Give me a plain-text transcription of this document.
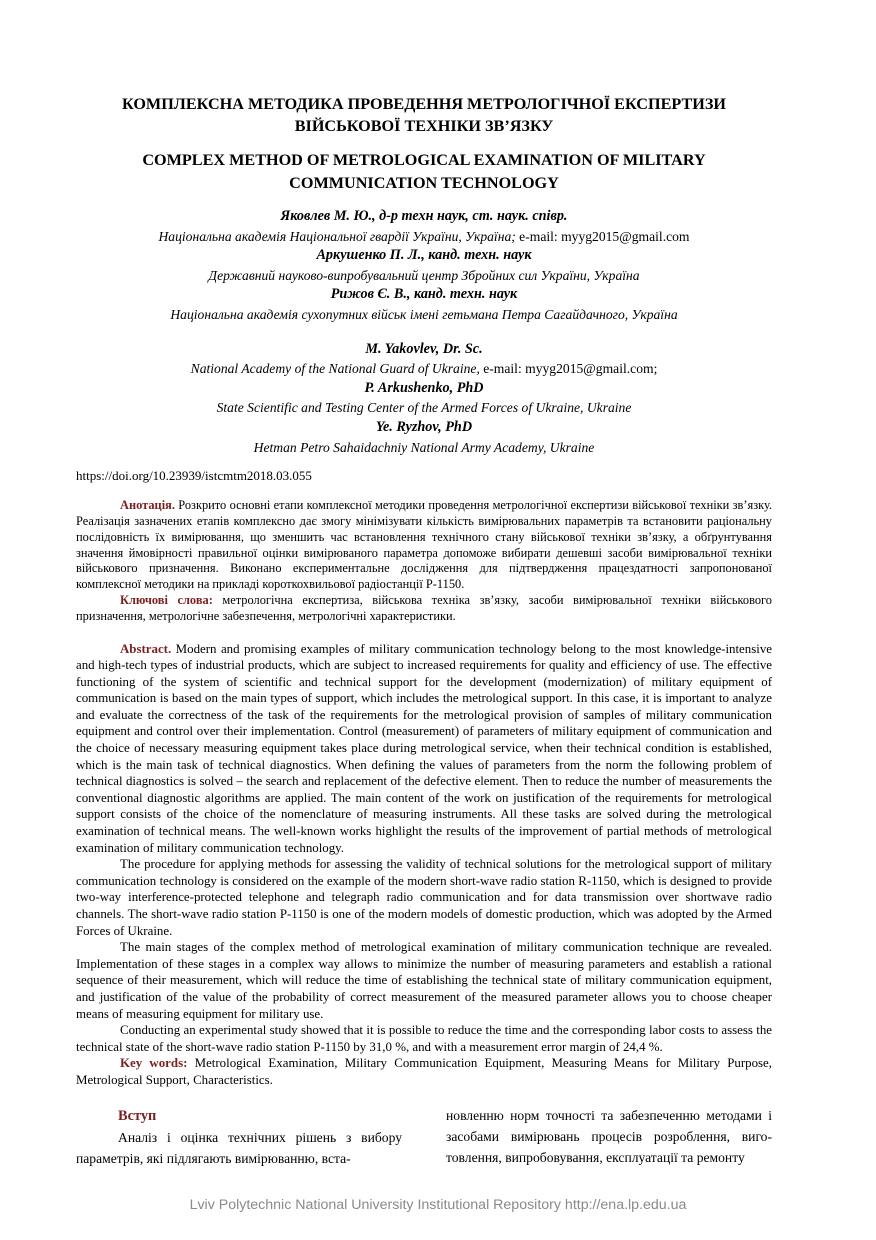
КОМПЛЕКСНА МЕТОДИКА ПРОВЕДЕННЯ МЕТРОЛОГІЧНОЇ ЕКСПЕРТИЗИ ВІЙСЬКОВОЇ ТЕХНІКИ ЗВ’ЯЗКУ
COMPLEX METHOD OF METROLOGICAL EXAMINATION OF MILITARY COMMUNICATION TECHNOLOGY
Яковлев М. Ю., д-р техн наук, ст. наук. співр.
Національна академія Національної гвардії України, Україна; e-mail: myyg2015@gmail.com
Аркушенко П. Л., канд. техн. наук
Державний науково-випробувальний центр Збройних сил України, Україна
Рижов Є. В., канд. техн. наук
Національна академія сухопутних військ імені гетьмана Петра Сагайдачного, Україна
M. Yakovlev, Dr. Sc.
National Academy of the National Guard of Ukraine, e-mail: myyg2015@gmail.com;
P. Arkushenko, PhD
State Scientific and Testing Center of the Armed Forces of Ukraine, Ukraine
Ye. Ryzhov, PhD
Hetman Petro Sahaidachniy National Army Academy, Ukraine
https://doi.org/10.23939/istcmtm2018.03.055

Анотація. Розкрито основні етапи комплексної методики проведення метрологічної експертизи військової техніки зв’язку. Реалізація зазначених етапів комплексно дає змогу мінімізувати кількість вимірювальних параметрів та встановити раціональну послідовність їх вимірювання, що зменшить час встановлення технічного стану військової техніки зв’язку, а обґрунтування значення ймовірності правильної оцінки вимірюваного параметра допоможе вибирати дешевші засоби вимірювальної техніки військового призначення. Виконано експериментальне дослідження для підтвердження працездатності запропонованої комплексної методики на прикладі короткохвильової радіостанції Р-1150.

Ключові слова: метрологічна експертиза, військова техніка зв’язку, засоби вимірювальної техніки військового призначення, метрологічне забезпечення, метрологічні характеристики.

Abstract. Modern and promising examples of military communication technology belong to the most knowledge-intensive and high-tech types of industrial products, which are subject to increased requirements for quality and efficiency of use. The effective functioning of the system of scientific and technical support for the development (modernization) of military equipment of communication is based on the main types of support, which includes the metrological support. In this case, it is important to analyze and evaluate the correctness of the task of the requirements for the metrological provision of samples of military communication equipment and control over their implementation. Control (measurement) of parameters of military equipment of communication and the choice of necessary measuring equipment takes place during metrological service, when their technical condition is established, which is the main task of technical diagnostics. When defining the values of parameters from the norm the following problem of technical diagnostics is solved – the search and replacement of the defective element. Then to reduce the number of measurements the conventional diagnostic algorithms are applied. The main content of the work on justification of the requirements for metrological support consists of the choice of the nomenclature of measuring instruments. All these tasks are solved during the metrological examination of technical means. The well-known works highlight the results of the improvement of partial methods of metrological examination of military communication technology.

The procedure for applying methods for assessing the validity of technical solutions for the metrological support of military communication technology is considered on the example of the modern short-wave radio station R-1150, which is designed to provide two-way interference-protected telephone and telegraph radio communication and for data transmission over shortwave radio channels. The short-wave radio station P-1150 is one of the modern models of domestic production, which was adopted by the Armed Forces of Ukraine.

The main stages of the complex method of metrological examination of military communication technique are revealed. Implementation of these stages in a complex way allows to minimize the number of measuring parameters and establish a rational sequence of their measurement, which will reduce the time of establishing the technical state of military communication equipment, and justification of the value of the probability of correct measurement of the measured parameter allows you to choose cheaper means of measuring equipment for military use.

Conducting an experimental study showed that it is possible to reduce the time and the corresponding labor costs to assess the technical state of the short-wave radio station P-1150 by 31,0 %, and with a measurement error margin of 24,4 %.

Key words: Metrological Examination, Military Communication Equipment, Measuring Means for Military Purpose, Metrological Support, Characteristics.

Вступ

Аналіз і оцінка технічних рішень з вибору параметрів, які підлягають вимірюванню, вста-

новленню норм точності та забезпеченню методами і засобами вимірювань процесів розроблення, виго-товлення, випробовування, експлуатації та ремонту

Lviv Polytechnic National University Institutional Repository http://ena.lp.edu.ua
